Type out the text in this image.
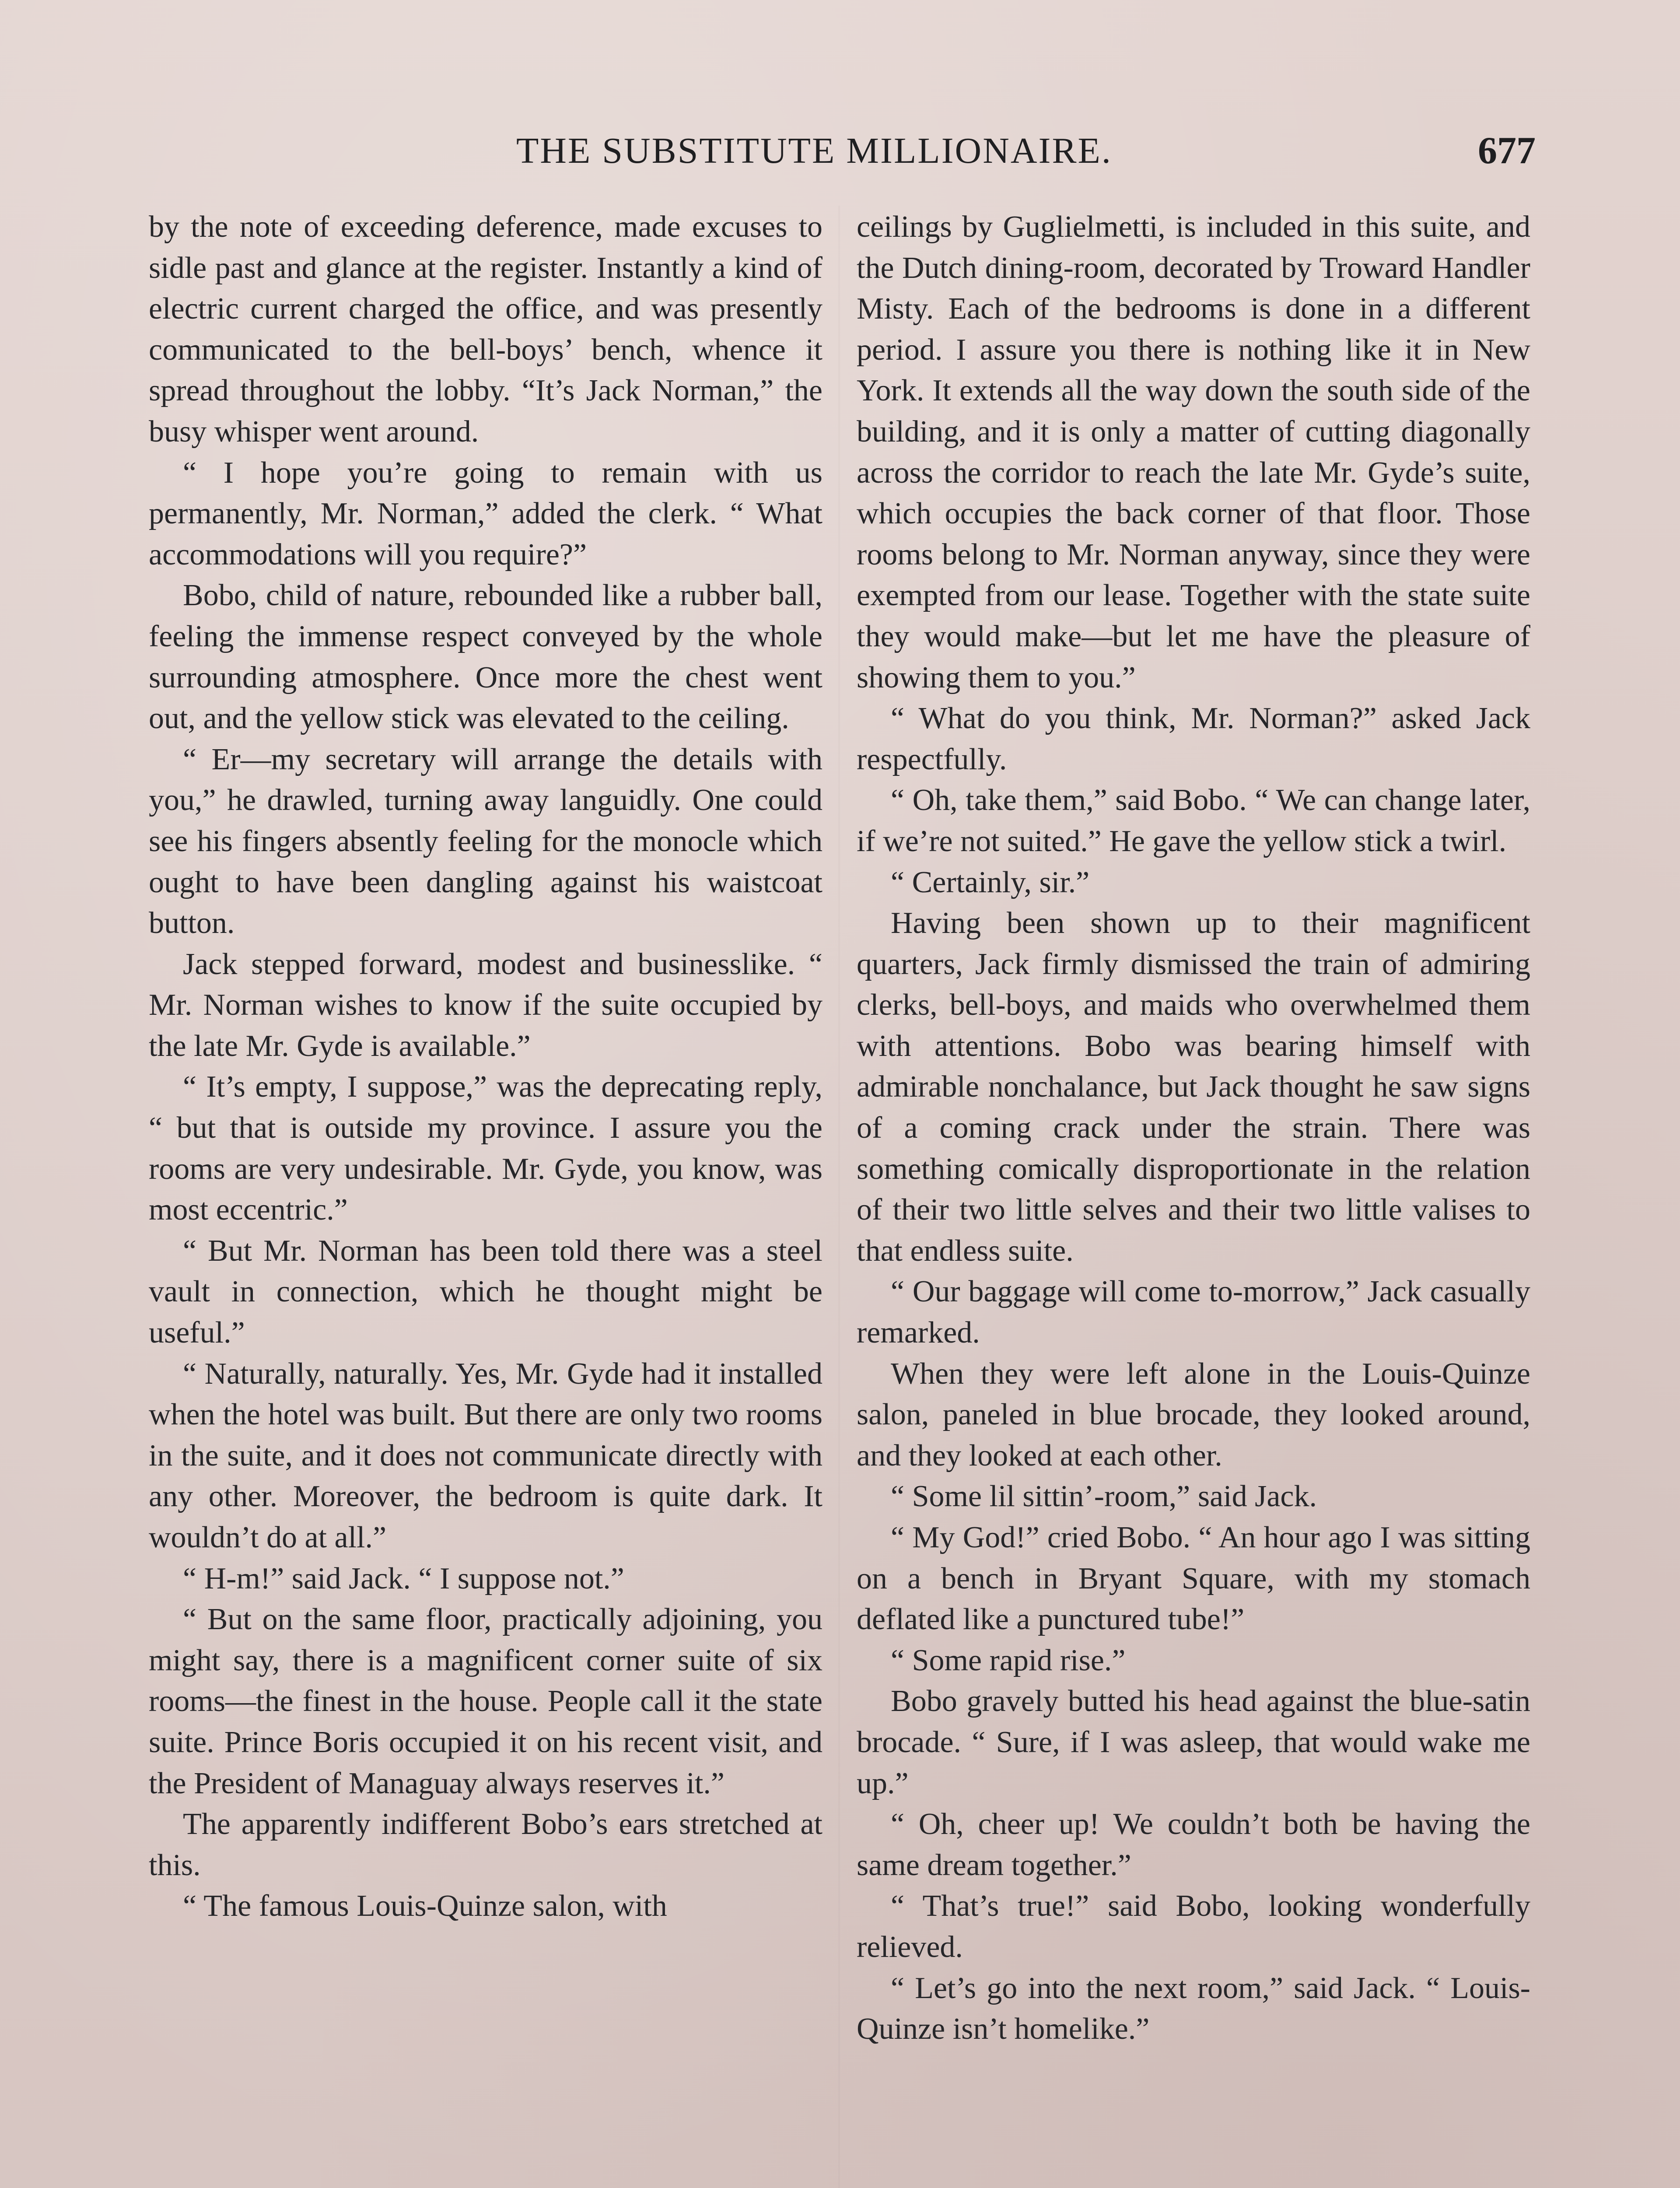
THE SUBSTITUTE MILLIONAIRE.	677

by the note of exceeding deference, made excuses to sidle past and glance at the register. Instantly a kind of electric current charged the office, and was presently communicated to the bell-boys’ bench, whence it spread throughout the lobby. “It’s Jack Norman,” the busy whisper went around.

“ I hope you’re going to remain with us permanently, Mr. Norman,” added the clerk. “ What accommodations will you require?”

Bobo, child of nature, rebounded like a rubber ball, feeling the immense respect conveyed by the whole surrounding atmosphere. Once more the chest went out, and the yellow stick was elevated to the ceiling.

“ Er—my secretary will arrange the details with you,” he drawled, turning away languidly. One could see his fingers absently feeling for the monocle which ought to have been dangling against his waistcoat button.

Jack stepped forward, modest and businesslike. “ Mr. Norman wishes to know if the suite occupied by the late Mr. Gyde is available.”

“ It’s empty, I suppose,” was the deprecating reply, “ but that is outside my province. I assure you the rooms are very undesirable. Mr. Gyde, you know, was most eccentric.”

“ But Mr. Norman has been told there was a steel vault in connection, which he thought might be useful.”

“ Naturally, naturally. Yes, Mr. Gyde had it installed when the hotel was built. But there are only two rooms in the suite, and it does not communicate directly with any other. Moreover, the bedroom is quite dark. It wouldn’t do at all.”

“ H-m!” said Jack. “ I suppose not.”

“ But on the same floor, practically adjoining, you might say, there is a magnificent corner suite of six rooms—the finest in the house. People call it the state suite. Prince Boris occupied it on his recent visit, and the President of Managuay always reserves it.”

The apparently indifferent Bobo’s ears stretched at this.

“ The famous Louis-Quinze salon, with

ceilings by Guglielmetti, is included in this suite, and the Dutch dining-room, decorated by Troward Handler Misty. Each of the bedrooms is done in a different period. I assure you there is nothing like it in New York. It extends all the way down the south side of the building, and it is only a matter of cutting diagonally across the corridor to reach the late Mr. Gyde’s suite, which occupies the back corner of that floor. Those rooms belong to Mr. Norman anyway, since they were exempted from our lease. Together with the state suite they would make—but let me have the pleasure of showing them to you.”

“ What do you think, Mr. Norman?” asked Jack respectfully.

“ Oh, take them,” said Bobo. “ We can change later, if we’re not suited.” He gave the yellow stick a twirl.

“ Certainly, sir.”

Having been shown up to their magnificent quarters, Jack firmly dismissed the train of admiring clerks, bell-boys, and maids who overwhelmed them with attentions. Bobo was bearing himself with admirable nonchalance, but Jack thought he saw signs of a coming crack under the strain. There was something comically disproportionate in the relation of their two little selves and their two little valises to that endless suite.

“ Our baggage will come to-morrow,” Jack casually remarked.

When they were left alone in the Louis-Quinze salon, paneled in blue brocade, they looked around, and they looked at each other.

“ Some lil sittin’-room,” said Jack.

“ My God!” cried Bobo. “ An hour ago I was sitting on a bench in Bryant Square, with my stomach deflated like a punctured tube!”

“ Some rapid rise.”

Bobo gravely butted his head against the blue-satin brocade. “ Sure, if I was asleep, that would wake me up.”

“ Oh, cheer up! We couldn’t both be having the same dream together.”

“ That’s true!” said Bobo, looking wonderfully relieved.

“ Let’s go into the next room,” said Jack. “ Louis-Quinze isn’t homelike.”
